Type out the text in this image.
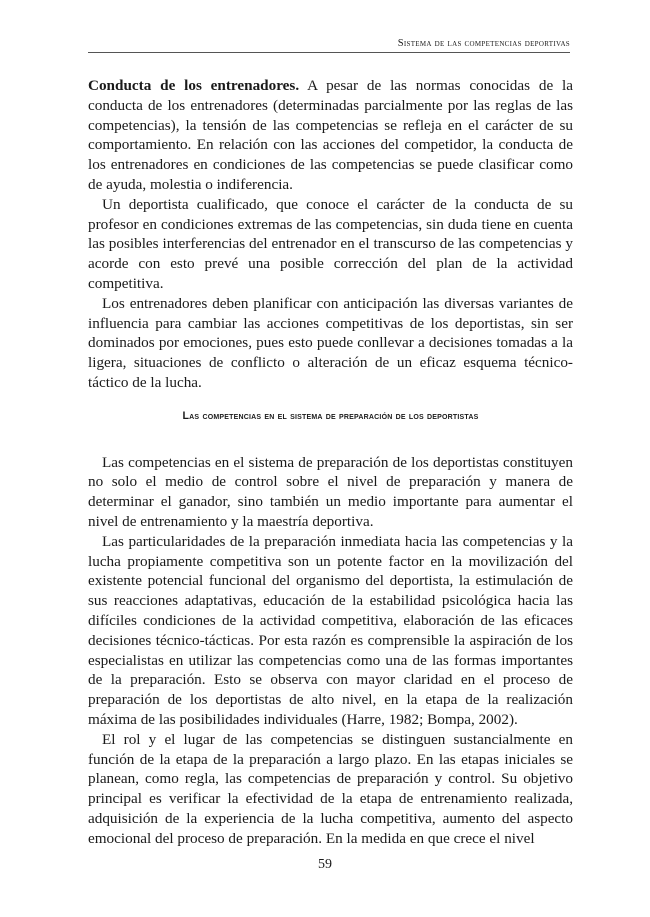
Sistema de las competencias deportivas

Conducta de los entrenadores. A pesar de las normas conocidas de la conducta de los entrenadores (determinadas parcialmente por las reglas de las competencias), la tensión de las competencias se refleja en el carácter de su comportamiento. En relación con las acciones del competidor, la conducta de los entrenadores en condiciones de las competencias se puede clasificar como de ayuda, molestia o indiferencia.

Un deportista cualificado, que conoce el carácter de la conducta de su profesor en condiciones extremas de las competencias, sin duda tiene en cuenta las posibles interferencias del entrenador en el transcurso de las competencias y acorde con esto prevé una posible corrección del plan de la actividad competitiva.

Los entrenadores deben planificar con anticipación las diversas variantes de influencia para cambiar las acciones competitivas de los deportistas, sin ser dominados por emociones, pues esto puede conllevar a decisiones tomadas a la ligera, situaciones de conflicto o alteración de un eficaz esquema técnico-táctico de la lucha.

Las competencias en el sistema de preparación de los deportistas

Las competencias en el sistema de preparación de los deportistas constituyen no solo el medio de control sobre el nivel de preparación y manera de determinar el ganador, sino también un medio importante para aumentar el nivel de entrenamiento y la maestría deportiva.

Las particularidades de la preparación inmediata hacia las competencias y la lucha propiamente competitiva son un potente factor en la movilización del existente potencial funcional del organismo del deportista, la estimulación de sus reacciones adaptativas, educación de la estabilidad psicológica hacia las difíciles condiciones de la actividad competitiva, elaboración de las eficaces decisiones técnico-tácticas. Por esta razón es comprensible la aspiración de los especialistas en utilizar las competencias como una de las formas importantes de la preparación. Esto se observa con mayor claridad en el proceso de preparación de los deportistas de alto nivel, en la etapa de la realización máxima de las posibilidades individuales (Harre, 1982; Bompa, 2002).

El rol y el lugar de las competencias se distinguen sustancialmente en función de la etapa de la preparación a largo plazo. En las etapas iniciales se planean, como regla, las competencias de preparación y control. Su objetivo principal es verificar la efectividad de la etapa de entrenamiento realizada, adquisición de la experiencia de la lucha competitiva, aumento del aspecto emocional del proceso de preparación. En la medida en que crece el nivel

59
